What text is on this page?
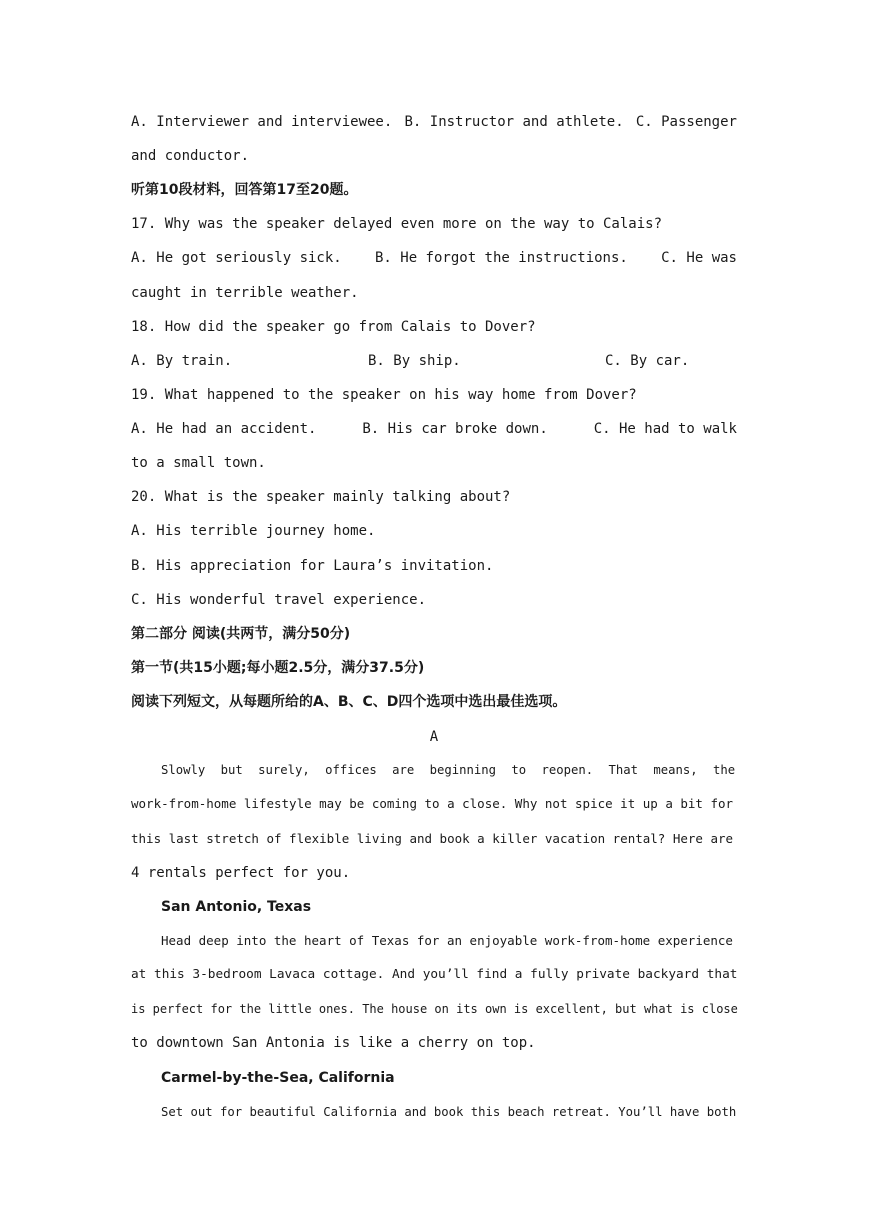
A. Interviewer and interviewee. B. Instructor and athlete. C. Passenger
and conductor.
听第10段材料，回答第17至20题。
17. Why was the speaker delayed even more on the way to Calais?
A. He got seriously sick. B. He forgot the instructions. C. He was
caught in terrible weather.
18. How did the speaker go from Calais to Dover?
A. By train.	B. By ship.	C. By car.
19. What happened to the speaker on his way home from Dover?
A. He had an accident.	B. His car broke down.	C. He had to walk
to a small town.
20. What is the speaker mainly talking about?
A. His terrible journey home.
B. His appreciation for Laura’s invitation.
C. His wonderful travel experience.
第二部分 阅读(共两节，满分50分)
第一节(共15小题;每小题2.5分，满分37.5分)
阅读下列短文，从每题所给的A、B、C、D四个选项中选出最佳选项。
A
Slowly but surely, offices are beginning to reopen. That means, the
work-from-home lifestyle may be coming to a close. Why not spice it up a bit for
this last stretch of flexible living and book a killer vacation rental? Here are
4 rentals perfect for you.
San Antonio, Texas
Head deep into the heart of Texas for an enjoyable work-from-home experience
at this 3-bedroom Lavaca cottage. And you’ll find a fully private backyard that
is perfect for the little ones. The house on its own is excellent, but what is close
to downtown San Antonia is like a cherry on top.
Carmel-by-the-Sea, California
Set out for beautiful California and book this beach retreat. You’ll have both
